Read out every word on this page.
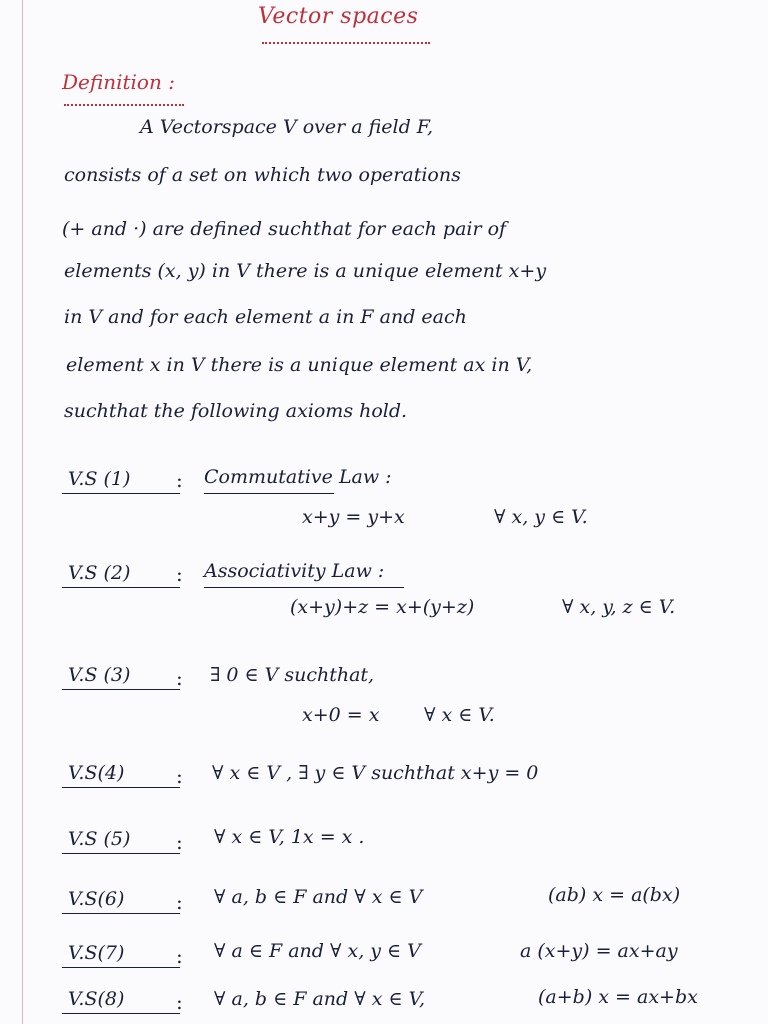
Vector spaces
Definition :
A Vectorspace V over a field F,
consists of a set on which two operations
(+ and ·) are defined suchthat for each pair of
elements (x, y) in V there is a unique element x+y
in V and for each element a in F and each
element x in V there is a unique element ax in V,
suchthat the following axioms hold.
V.S (1) : Commutative Law :
x+y = y+x	∀ x, y ∈ V.
V.S (2) : Associativity Law :
(x+y)+z = x+(y+z)	∀ x, y, z ∈ V.
V.S (3) : ∃ 0 ∈ V suchthat,
x+0 = x ∀ x ∈ V.
V.S(4)	: ∀ x ∈ V , ∃ y ∈ V suchthat x+y = 0
V.S (5) : ∀ x ∈ V, 1x = x .
V.S(6)	: ∀ a, b ∈ F and ∀ x ∈ V	(ab) x = a(bx)
V.S(7)	: ∀ a ∈ F and ∀ x, y ∈ V	a (x+y) = ax+ay
V.S(8)	: ∀ a, b ∈ F and ∀ x ∈ V,	(a+b) x = ax+bx
